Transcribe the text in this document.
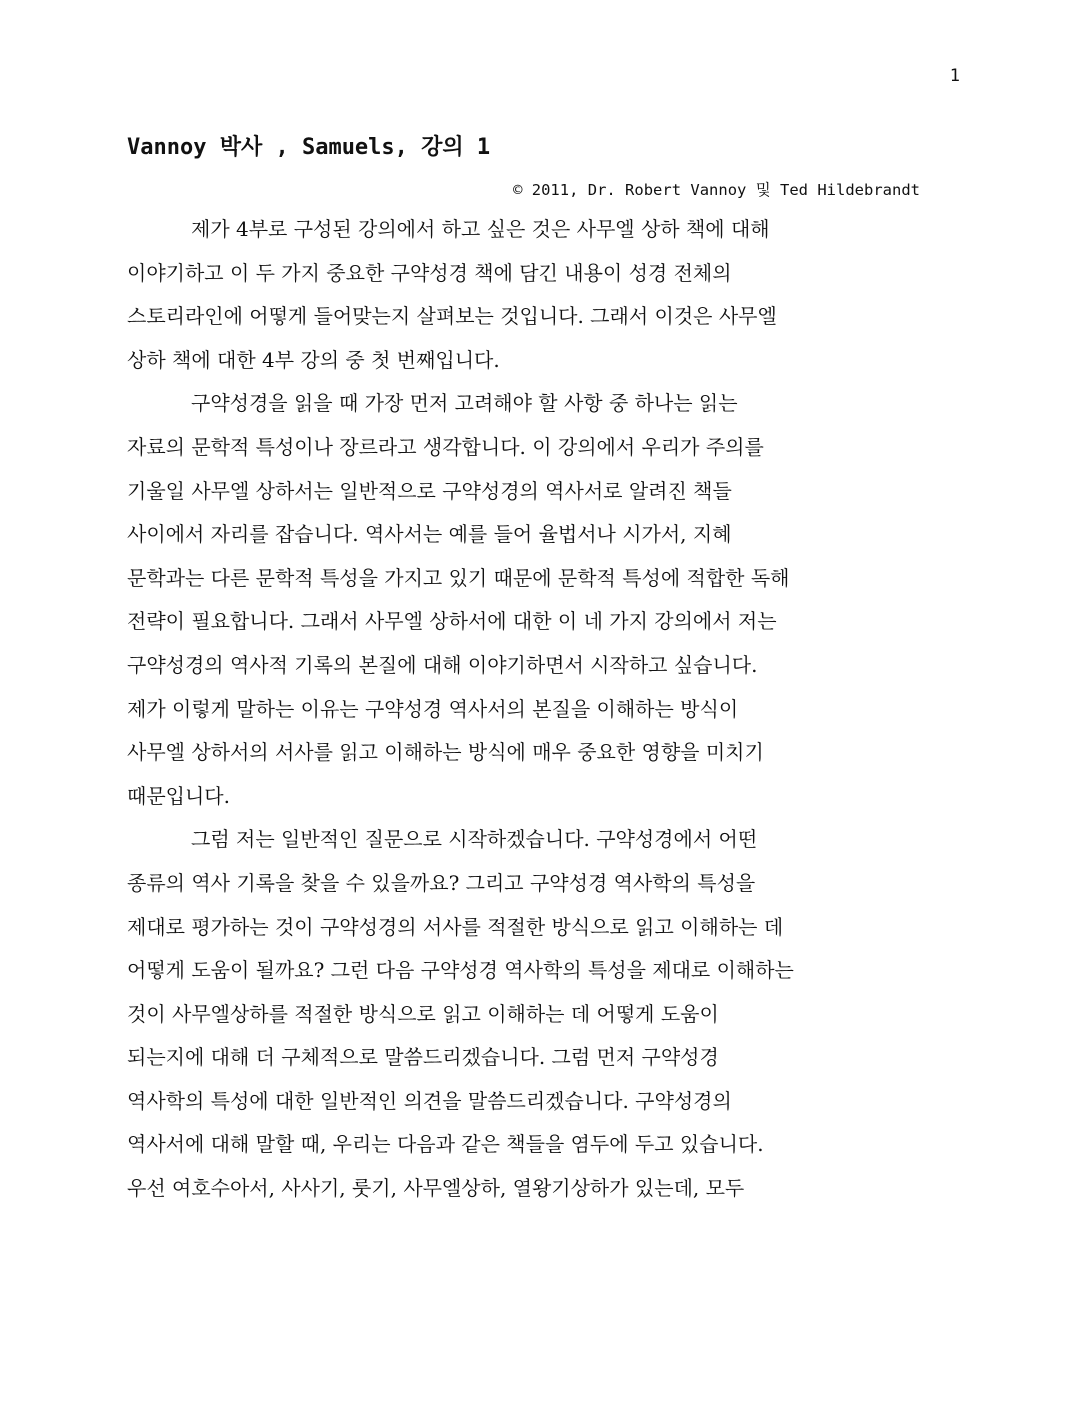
1
Vannoy 박사 , Samuels, 강의 1
© 2011, Dr. Robert Vannoy 및 Ted Hildebrandt
제가 4부로 구성된 강의에서 하고 싶은 것은 사무엘 상하 책에 대해
이야기하고 이 두 가지 중요한 구약성경 책에 담긴 내용이 성경 전체의
스토리라인에 어떻게 들어맞는지 살펴보는 것입니다. 그래서 이것은 사무엘
상하 책에 대한 4부 강의 중 첫 번째입니다.
구약성경을 읽을 때 가장 먼저 고려해야 할 사항 중 하나는 읽는
자료의 문학적 특성이나 장르라고 생각합니다. 이 강의에서 우리가 주의를
기울일 사무엘 상하서는 일반적으로 구약성경의 역사서로 알려진 책들
사이에서 자리를 잡습니다. 역사서는 예를 들어 율법서나 시가서, 지혜
문학과는 다른 문학적 특성을 가지고 있기 때문에 문학적 특성에 적합한 독해
전략이 필요합니다. 그래서 사무엘 상하서에 대한 이 네 가지 강의에서 저는
구약성경의 역사적 기록의 본질에 대해 이야기하면서 시작하고 싶습니다.
제가 이렇게 말하는 이유는 구약성경 역사서의 본질을 이해하는 방식이
사무엘 상하서의 서사를 읽고 이해하는 방식에 매우 중요한 영향을 미치기
때문입니다.
그럼 저는 일반적인 질문으로 시작하겠습니다. 구약성경에서 어떤
종류의 역사 기록을 찾을 수 있을까요? 그리고 구약성경 역사학의 특성을
제대로 평가하는 것이 구약성경의 서사를 적절한 방식으로 읽고 이해하는 데
어떻게 도움이 될까요? 그런 다음 구약성경 역사학의 특성을 제대로 이해하는
것이 사무엘상하를 적절한 방식으로 읽고 이해하는 데 어떻게 도움이
되는지에 대해 더 구체적으로 말씀드리겠습니다. 그럼 먼저 구약성경
역사학의 특성에 대한 일반적인 의견을 말씀드리겠습니다. 구약성경의
역사서에 대해 말할 때, 우리는 다음과 같은 책들을 염두에 두고 있습니다.
우선 여호수아서, 사사기, 룻기, 사무엘상하, 열왕기상하가 있는데, 모두
